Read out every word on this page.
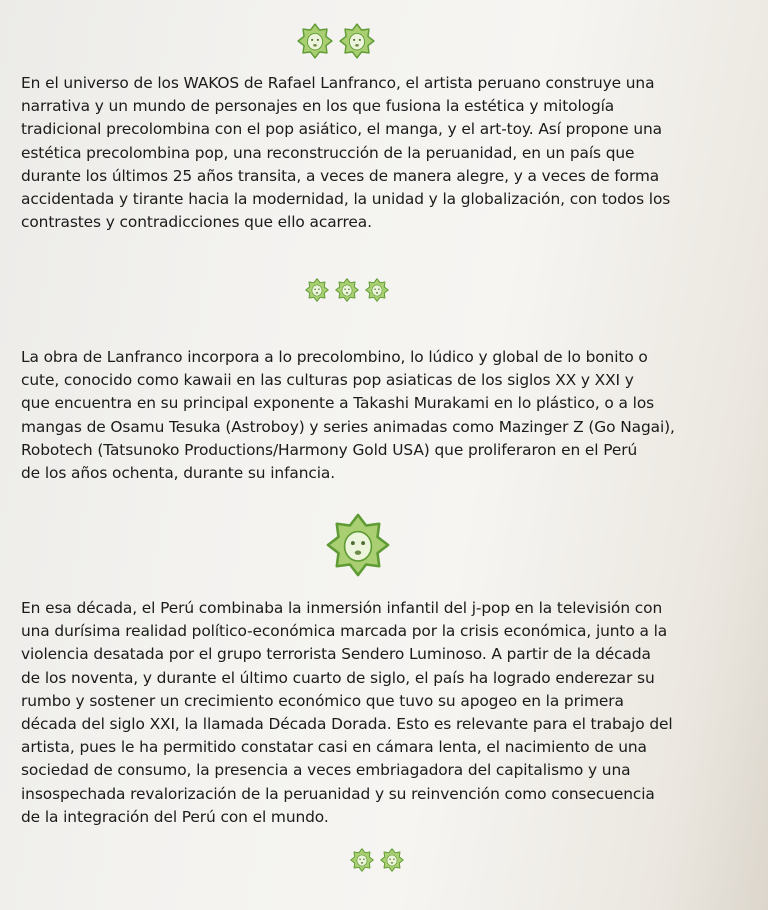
En el universo de los WAKOS de Rafael Lanfranco, el artista peruano construye una
narrativa y un mundo de personajes en los que fusiona la estética y mitología
tradicional precolombina con el pop asiático, el manga, y el art-toy. Así propone una
estética precolombina pop, una reconstrucción de la peruanidad, en un país que
durante los últimos 25 años transita, a veces de manera alegre, y a veces de forma
accidentada y tirante hacia la modernidad, la unidad y la globalización, con todos los
contrastes y contradicciones que ello acarrea.

La obra de Lanfranco incorpora a lo precolombino, lo lúdico y global de lo bonito o
cute, conocido como kawaii en las culturas pop asiaticas de los siglos XX y XXI y
que encuentra en su principal exponente a Takashi Murakami en lo plástico, o a los
mangas de Osamu Tesuka (Astroboy) y series animadas como Mazinger Z (Go Nagai),
Robotech (Tatsunoko Productions/Harmony Gold USA) que proliferaron en el Perú
de los años ochenta, durante su infancia.

En esa década, el Perú combinaba la inmersión infantil del j-pop en la televisión con
una durísima realidad político-económica marcada por la crisis económica, junto a la
violencia desatada por el grupo terrorista Sendero Luminoso. A partir de la década
de los noventa, y durante el último cuarto de siglo, el país ha logrado enderezar su
rumbo y sostener un crecimiento económico que tuvo su apogeo en la primera
década del siglo XXI, la llamada Década Dorada. Esto es relevante para el trabajo del
artista, pues le ha permitido constatar casi en cámara lenta, el nacimiento de una
sociedad de consumo, la presencia a veces embriagadora del capitalismo y una
insospechada revalorización de la peruanidad y su reinvención como consecuencia
de la integración del Perú con el mundo.
